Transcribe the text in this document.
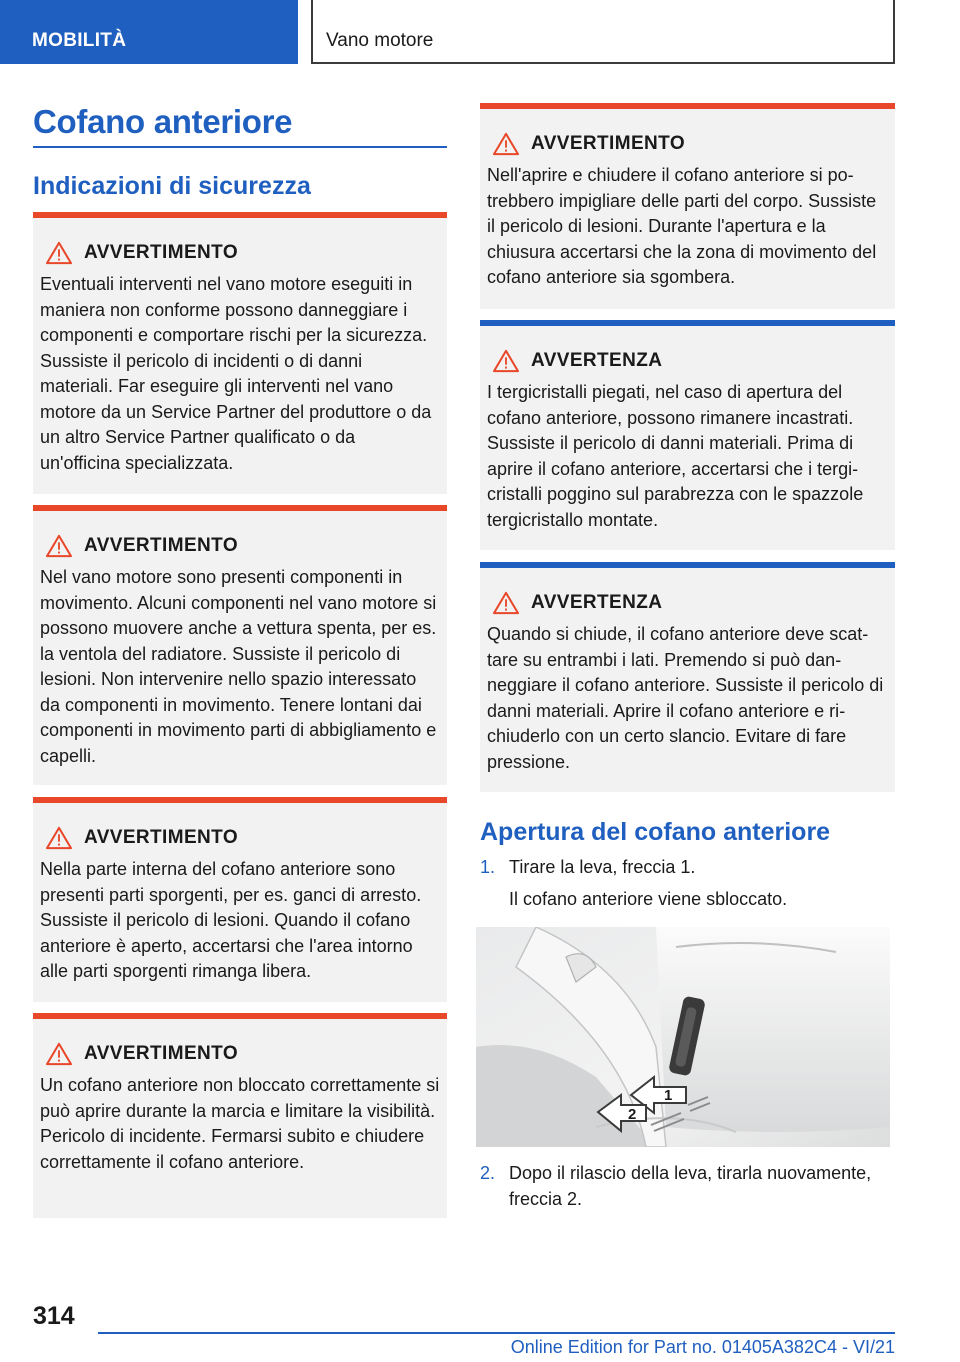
MOBILITÀ	Vano motore
Cofano anteriore
Indicazioni di sicurezza
AVVERTIMENTO
Eventuali interventi nel vano motore eseguiti in maniera non conforme possono danneggiare i componenti e comportare rischi per la sicurezza. Sussiste il pericolo di incidenti o di danni materiali. Far eseguire gli interventi nel vano motore da un Service Partner del produttore o da un altro Service Partner qualificato o da un'officina specializzata.
AVVERTIMENTO
Nel vano motore sono presenti componenti in movimento. Alcuni componenti nel vano motore si possono muovere anche a vettura spenta, per es. la ventola del radiatore. Sussiste il pericolo di lesioni. Non intervenire nello spazio interessato da componenti in movimento. Tenere lontani dai componenti in movimento parti di abbigliamento e capelli.
AVVERTIMENTO
Nella parte interna del cofano anteriore sono presenti parti sporgenti, per es. ganci di arresto. Sussiste il pericolo di lesioni. Quando il cofano anteriore è aperto, accertarsi che l'area intorno alle parti sporgenti rimanga libera.
AVVERTIMENTO
Un cofano anteriore non bloccato correttamente si può aprire durante la marcia e limitare la visibilità. Pericolo di incidente. Fermarsi subito e chiudere correttamente il cofano anteriore.
AVVERTIMENTO
Nell'aprire e chiudere il cofano anteriore si potrebbero impigliare delle parti del corpo. Sussiste il pericolo di lesioni. Durante l'apertura e la chiusura accertarsi che la zona di movimento del cofano anteriore sia sgombera.
AVVERTENZA
I tergicristalli piegati, nel caso di apertura del cofano anteriore, possono rimanere incastrati. Sussiste il pericolo di danni materiali. Prima di aprire il cofano anteriore, accertarsi che i tergicristalli poggino sul parabrezza con le spazzole tergicristallo montate.
AVVERTENZA
Quando si chiude, il cofano anteriore deve scattare su entrambi i lati. Premendo si può danneggiare il cofano anteriore. Sussiste il pericolo di danni materiali. Aprire il cofano anteriore e richiuderlo con un certo slancio. Evitare di fare pressione.
Apertura del cofano anteriore
1. Tirare la leva, freccia 1.
Il cofano anteriore viene sbloccato.
1
2
2. Dopo il rilascio della leva, tirarla nuovamente, freccia 2.
314
Online Edition for Part no. 01405A382C4 - VI/21
